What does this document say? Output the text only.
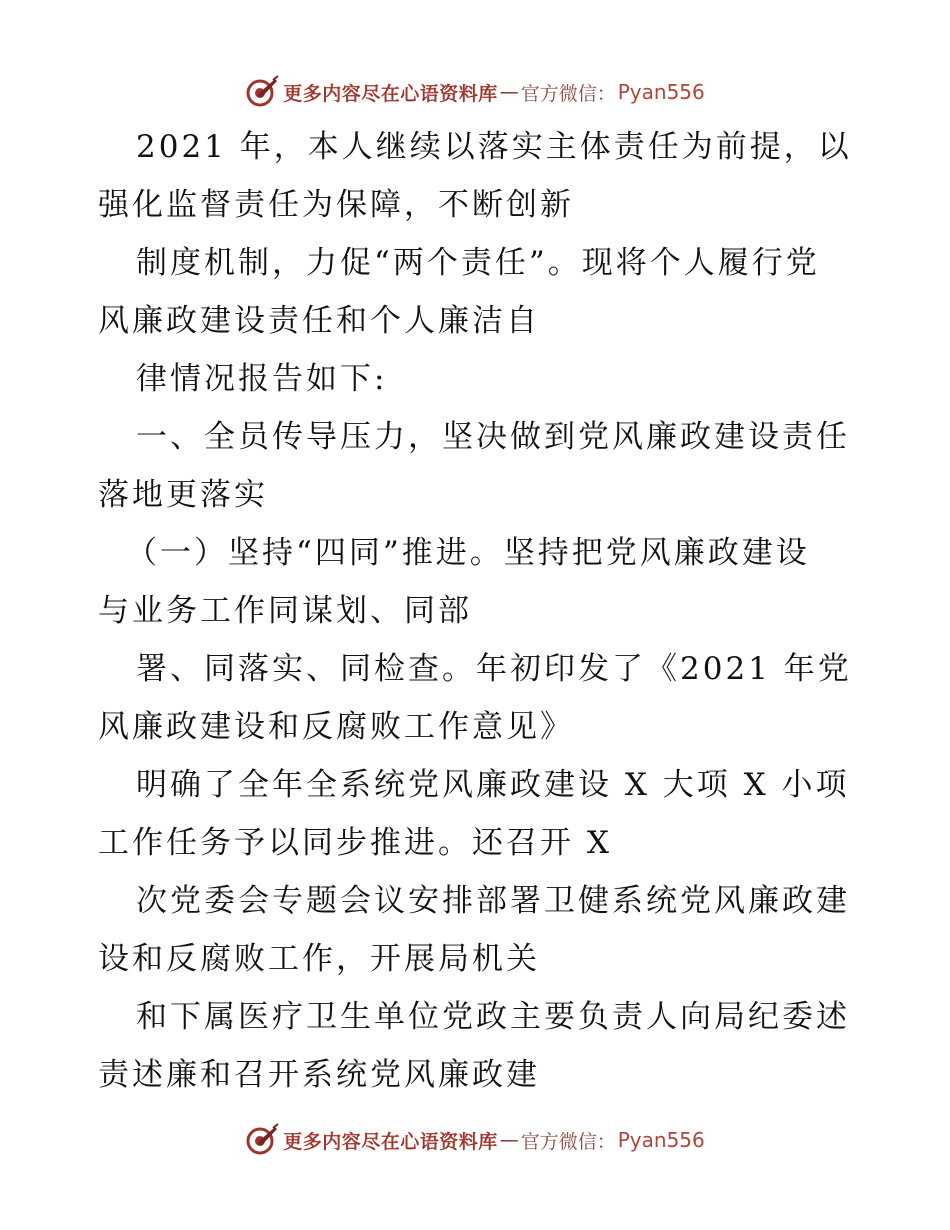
更多内容尽在心语资料库 — 官方微信： Pyan556
2021 年，本人继续以落实主体责任为前提，以
强化监督责任为保障，不断创新
制度机制，力促“两个责任”。现将个人履行党
风廉政建设责任和个人廉洁自
律情况报告如下:
一、全员传导压力，坚决做到党风廉政建设责任
落地更落实
（一）坚持“四同”推进。坚持把党风廉政建设
与业务工作同谋划、同部
署、同落实、同检查。年初印发了《2021 年党
风廉政建设和反腐败工作意见》
明确了全年全系统党风廉政建设 X 大项 X 小项
工作任务予以同步推进。还召开 X
次党委会专题会议安排部署卫健系统党风廉政建
设和反腐败工作，开展局机关
和下属医疗卫生单位党政主要负责人向局纪委述
责述廉和召开系统党风廉政建
更多内容尽在心语资料库 — 官方微信： Pyan556
